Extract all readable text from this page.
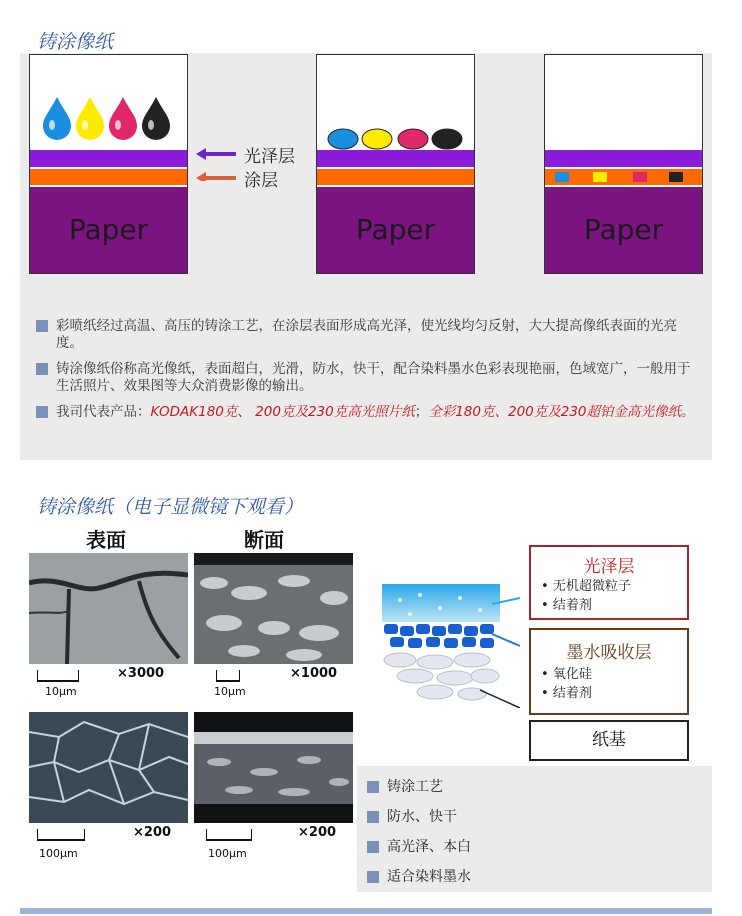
铸涂像纸
Paper
光泽层
涂层
Paper	Paper
彩喷纸经过高温、高压的铸涂工艺，在涂层表面形成高光泽，使光线均匀反射，大大提高像纸表面的光亮度。
铸涂像纸俗称高光像纸，表面超白，光滑，防水，快干，配合染料墨水色彩表现艳丽，色域宽广，一般用于生活照片、效果图等大众消费影像的输出。
我司代表产品：KODAK180克、 200克及230克高光照片纸；全彩180克、200克及230超铂金高光像纸。
铸涂像纸（电子显微镜下观看）
表面	断面
10μm
×3000
10μm
×1000
100μm
×200
100μm
×200
光泽层
• 无机超微粒子
• 结着剂
墨水吸收层
• 氧化硅
• 结着剂
纸基
铸涂工艺
防水、快干
高光泽、本白
适合染料墨水
